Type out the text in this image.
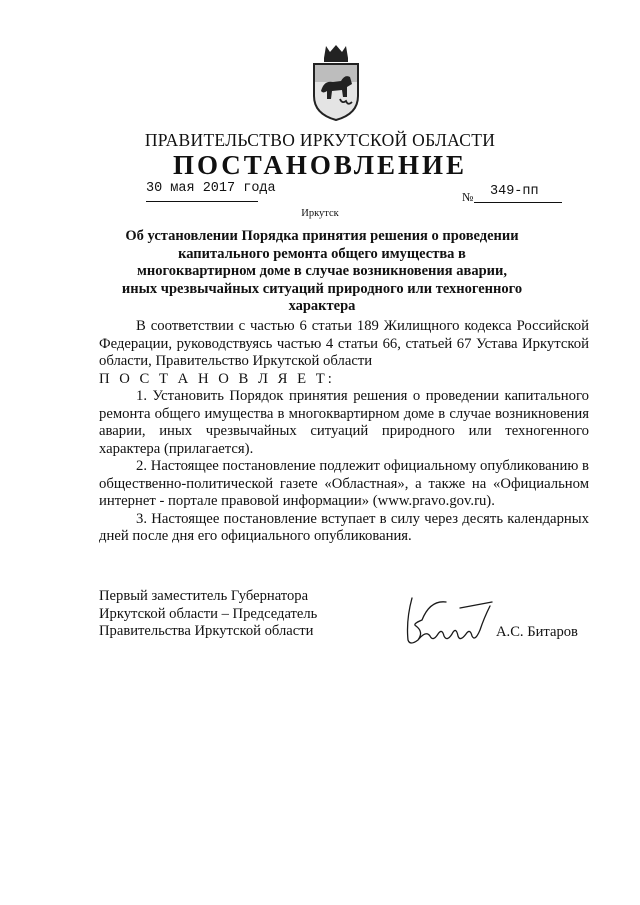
ПРАВИТЕЛЬСТВО ИРКУТСКОЙ ОБЛАСТИ
ПОСТАНОВЛЕНИЕ
30 мая 2017 года
№ 349-пп
Иркутск
Об установлении Порядка принятия решения о проведении капитального ремонта общего имущества в многоквартирном доме в случае возникновения аварии, иных чрезвычайных ситуаций природного или техногенного характера

В соответствии с частью 6 статьи 189 Жилищного кодекса Российской Федерации, руководствуясь частью 4 статьи 66, статьей 67 Устава Иркутской области, Правительство Иркутской области

П О С Т А Н О В Л Я Е Т:

1. Установить Порядок принятия решения о проведении капитального ремонта общего имущества в многоквартирном доме в случае возникновения аварии, иных чрезвычайных ситуаций природного или техногенного характера (прилагается).

2. Настоящее постановление подлежит официальному опубликованию в общественно-политической газете «Областная», а также на «Официальном интернет - портале правовой информации» (www.pravo.gov.ru).

3. Настоящее постановление вступает в силу через десять календарных дней после дня его официального опубликования.

Первый заместитель Губернатора
Иркутской области – Председатель
Правительства Иркутской области	А.С. Битаров
